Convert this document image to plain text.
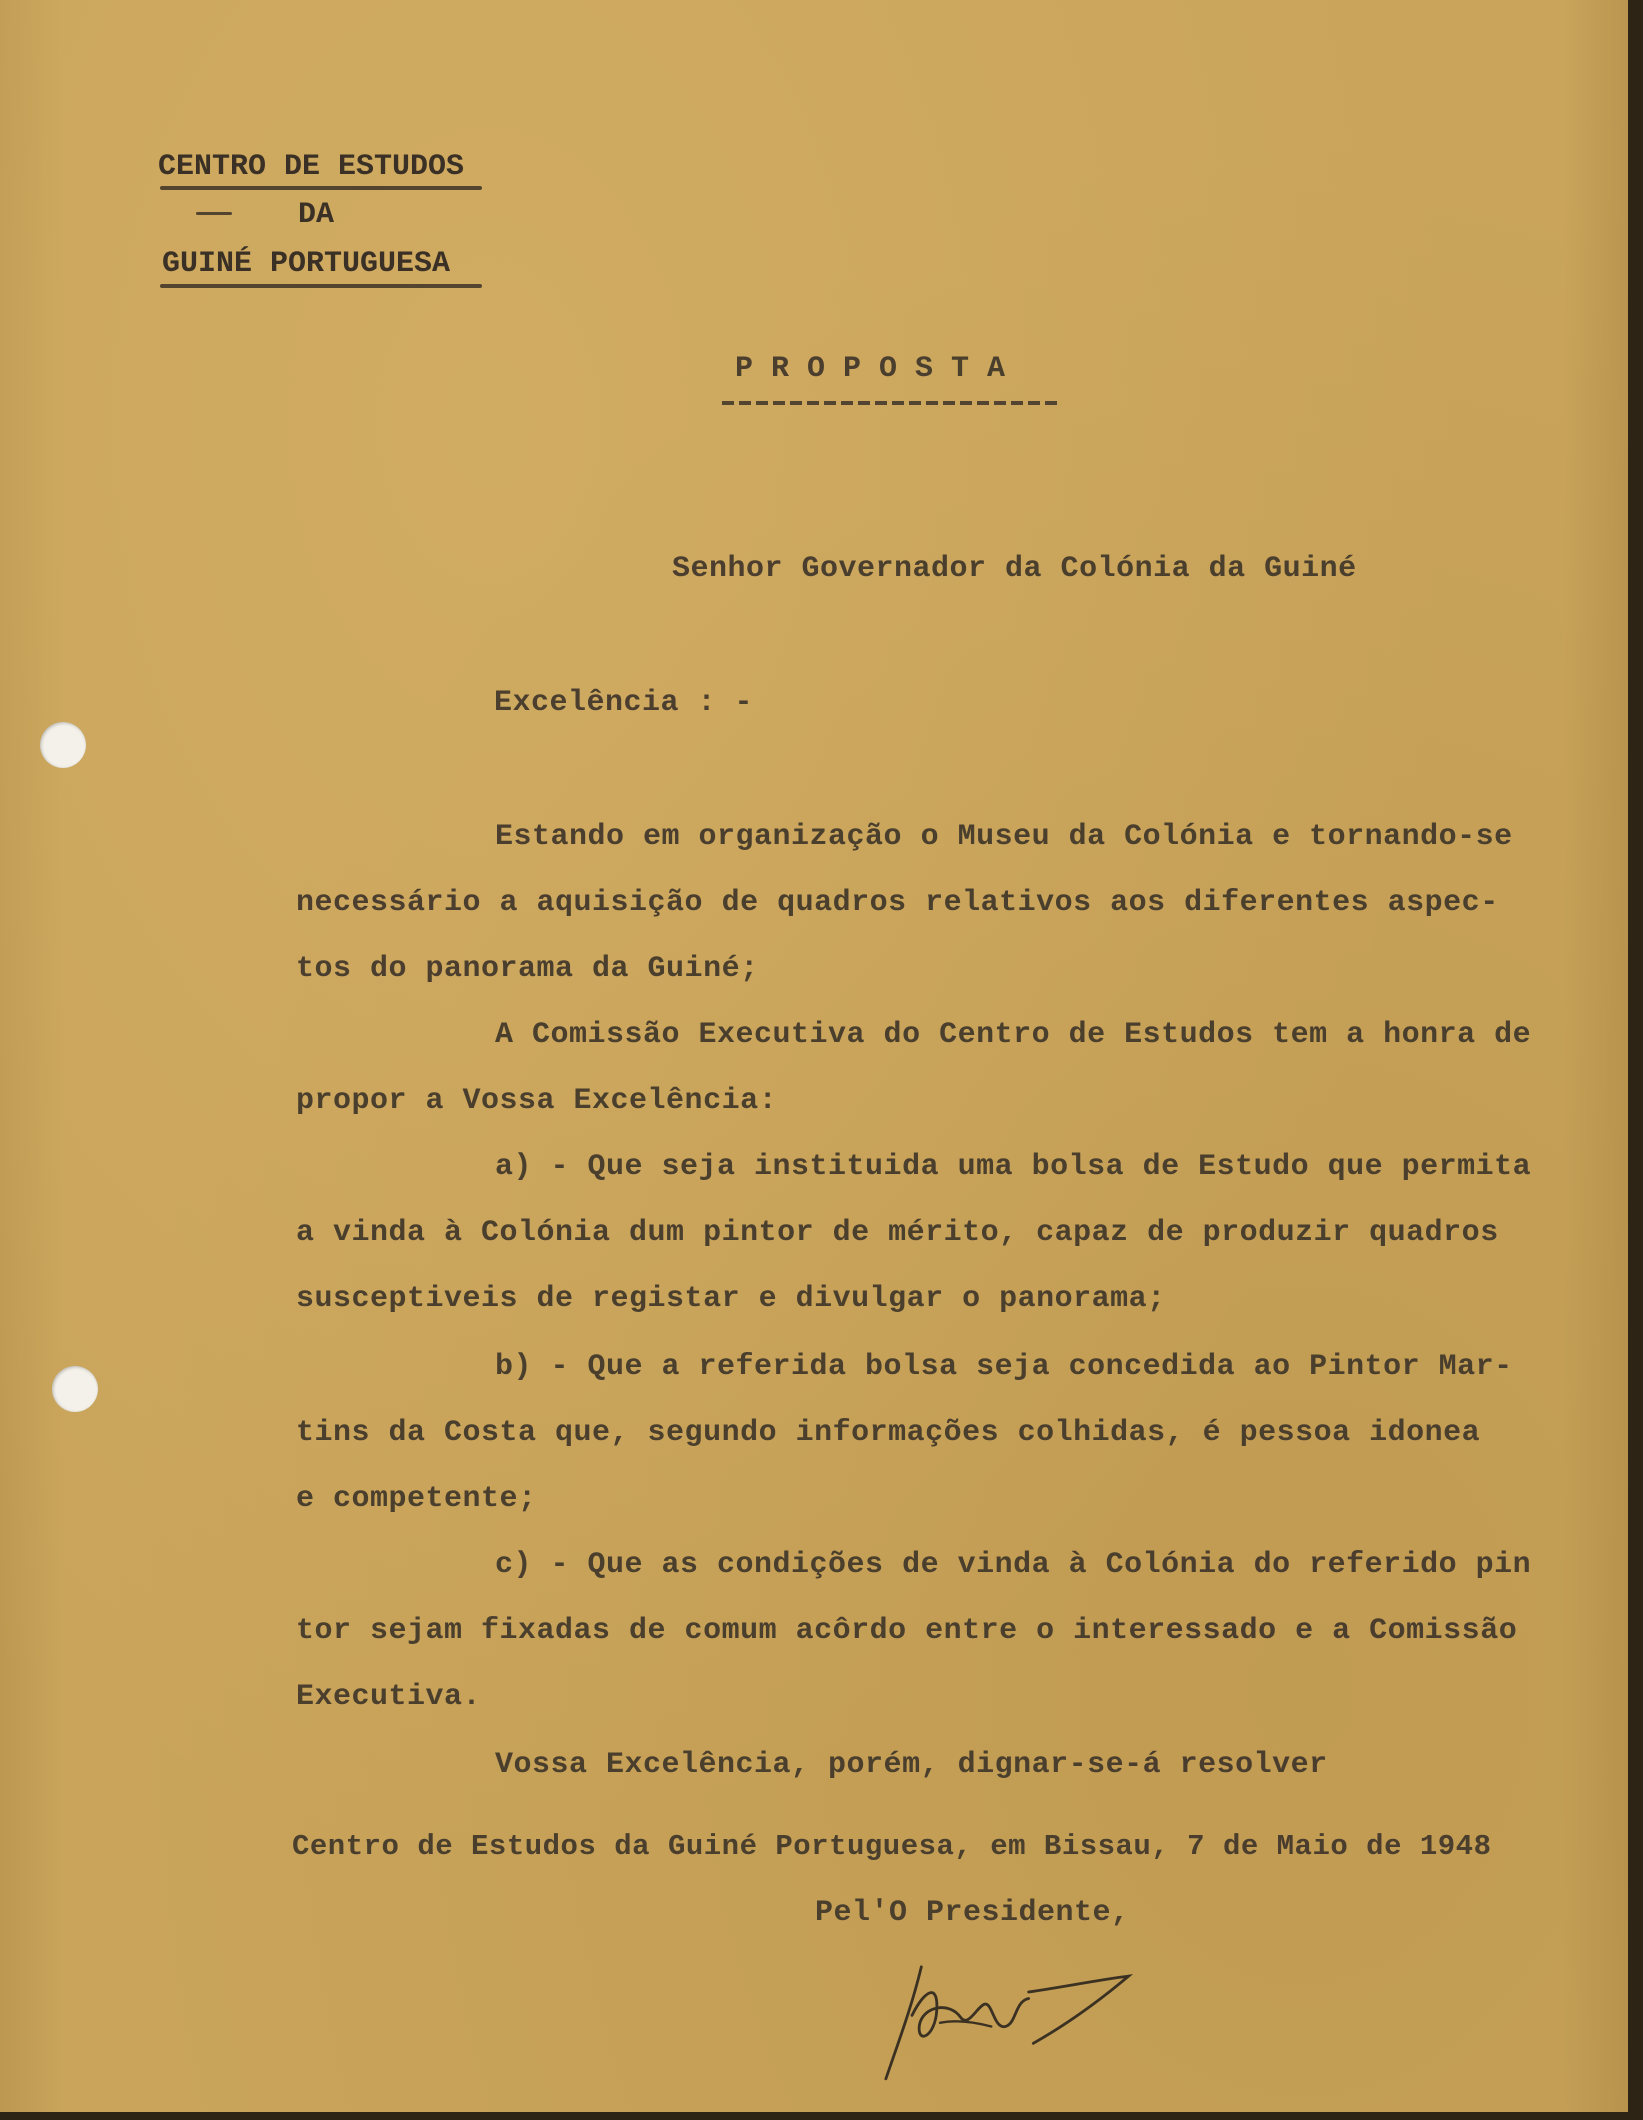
CENTRO DE ESTUDOS
DA
GUINÉ PORTUGUESA
PROPOSTA
Senhor Governador da Colónia da Guiné
Excelência : -
Estando em organização o Museu da Colónia e tornando-se
necessário a aquisição de quadros relativos aos diferentes aspec-
tos do panorama da Guiné;
A Comissão Executiva do Centro de Estudos tem a honra de
propor a Vossa Excelência:
a) - Que seja instituida uma bolsa de Estudo que permita
a vinda à Colónia dum pintor de mérito, capaz de produzir quadros
susceptiveis de registar e divulgar o panorama;
b) - Que a referida bolsa seja concedida ao Pintor Mar-
tins da Costa que, segundo informações colhidas, é pessoa idonea
e competente;
c) - Que as condições de vinda à Colónia do referido pin
tor sejam fixadas de comum acôrdo entre o interessado e a Comissão
Executiva.
Vossa Excelência, porém, dignar-se-á resolver
Centro de Estudos da Guiné Portuguesa, em Bissau, 7 de Maio de 1948
Pel'O Presidente,
